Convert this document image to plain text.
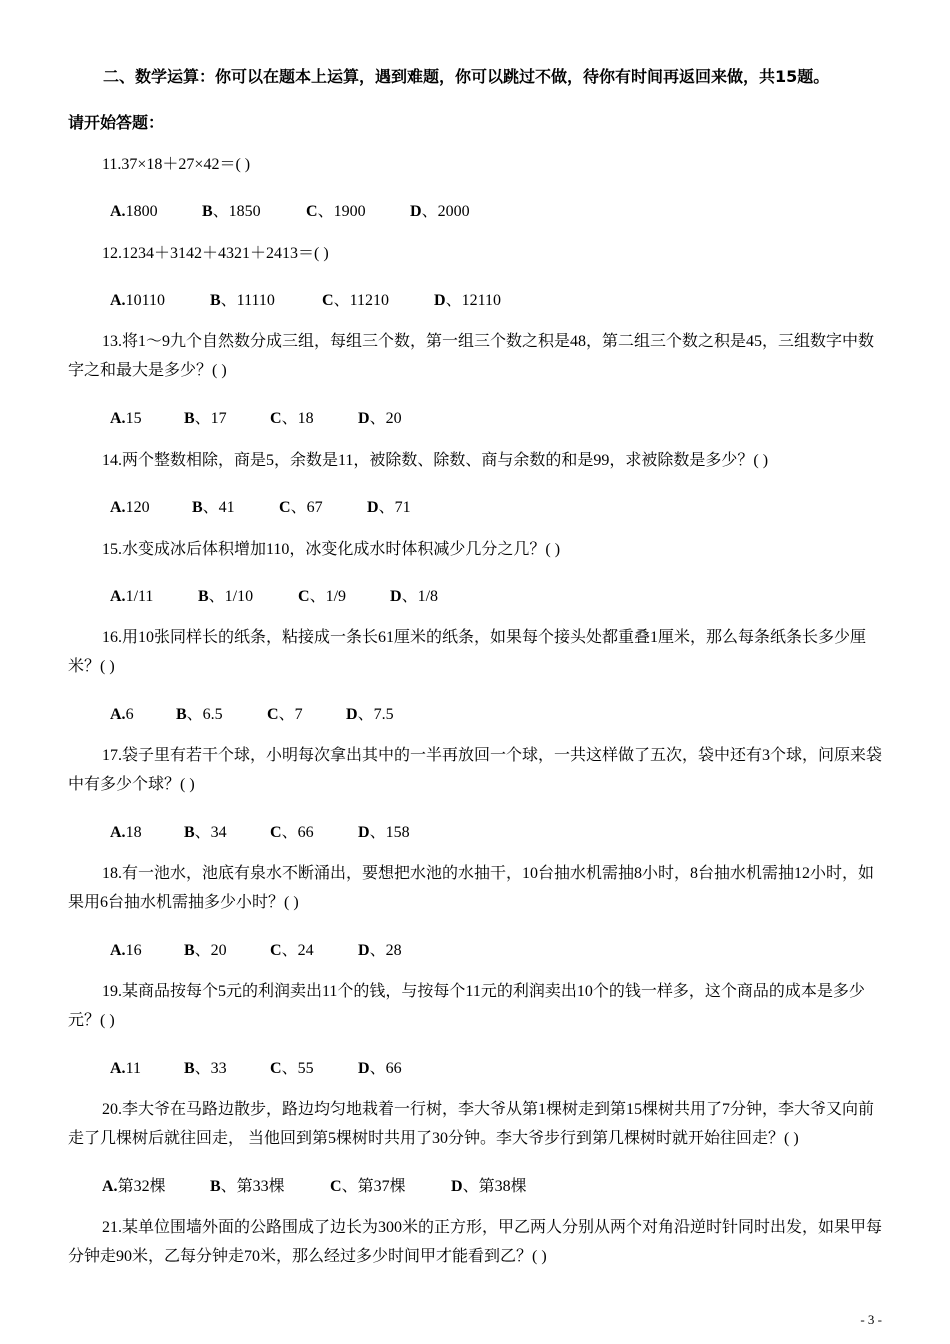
二、数学运算：你可以在题本上运算，遇到难题，你可以跳过不做，待你有时间再返回来做，共15题。
请开始答题：
11.37×18＋27×42＝( )
A.1800	B、1850	C、1900	D、2000
12.1234＋3142＋4321＋2413＝( )
A.10110	B、11110	C、11210	D、12110
13.将1～9九个自然数分成三组，每组三个数，第一组三个数之积是48，第二组三个数之积是45，三组数字中数字之和最大是多少？( )
A.15	B、17	C、18	D、20
14.两个整数相除，商是5，余数是11，被除数、除数、商与余数的和是99，求被除数是多少？( )
A.120	B、41	C、67	D、71
15.水变成冰后体积增加110，冰变化成水时体积减少几分之几？( )
A.1/11	B、1/10	C、1/9	D、1/8
16.用10张同样长的纸条，粘接成一条长61厘米的纸条，如果每个接头处都重叠1厘米，那么每条纸条长多少厘米？( )
A.6	B、6.5	C、7	D、7.5
17.袋子里有若干个球，小明每次拿出其中的一半再放回一个球，一共这样做了五次，袋中还有3个球，问原来袋中有多少个球？( )
A.18	B、34	C、66	D、158
18.有一池水，池底有泉水不断涌出，要想把水池的水抽干，10台抽水机需抽8小时，8台抽水机需抽12小时，如果用6台抽水机需抽多少小时？( )
A.16	B、20	C、24	D、28
19.某商品按每个5元的利润卖出11个的钱，与按每个11元的利润卖出10个的钱一样多，这个商品的成本是多少元？( )
A.11	B、33	C、55	D、66
20.李大爷在马路边散步，路边均匀地栽着一行树，李大爷从第1棵树走到第15棵树共用了7分钟，李大爷又向前走了几棵树后就往回走， 当他回到第5棵树时共用了30分钟。李大爷步行到第几棵树时就开始往回走？( )
A.第32棵	B、第33棵	C、第37棵	D、第38棵
21.某单位围墙外面的公路围成了边长为300米的正方形，甲乙两人分别从两个对角沿逆时针同时出发，如果甲每分钟走90米，乙每分钟走70米，那么经过多少时间甲才能看到乙？( )
- 3 -
